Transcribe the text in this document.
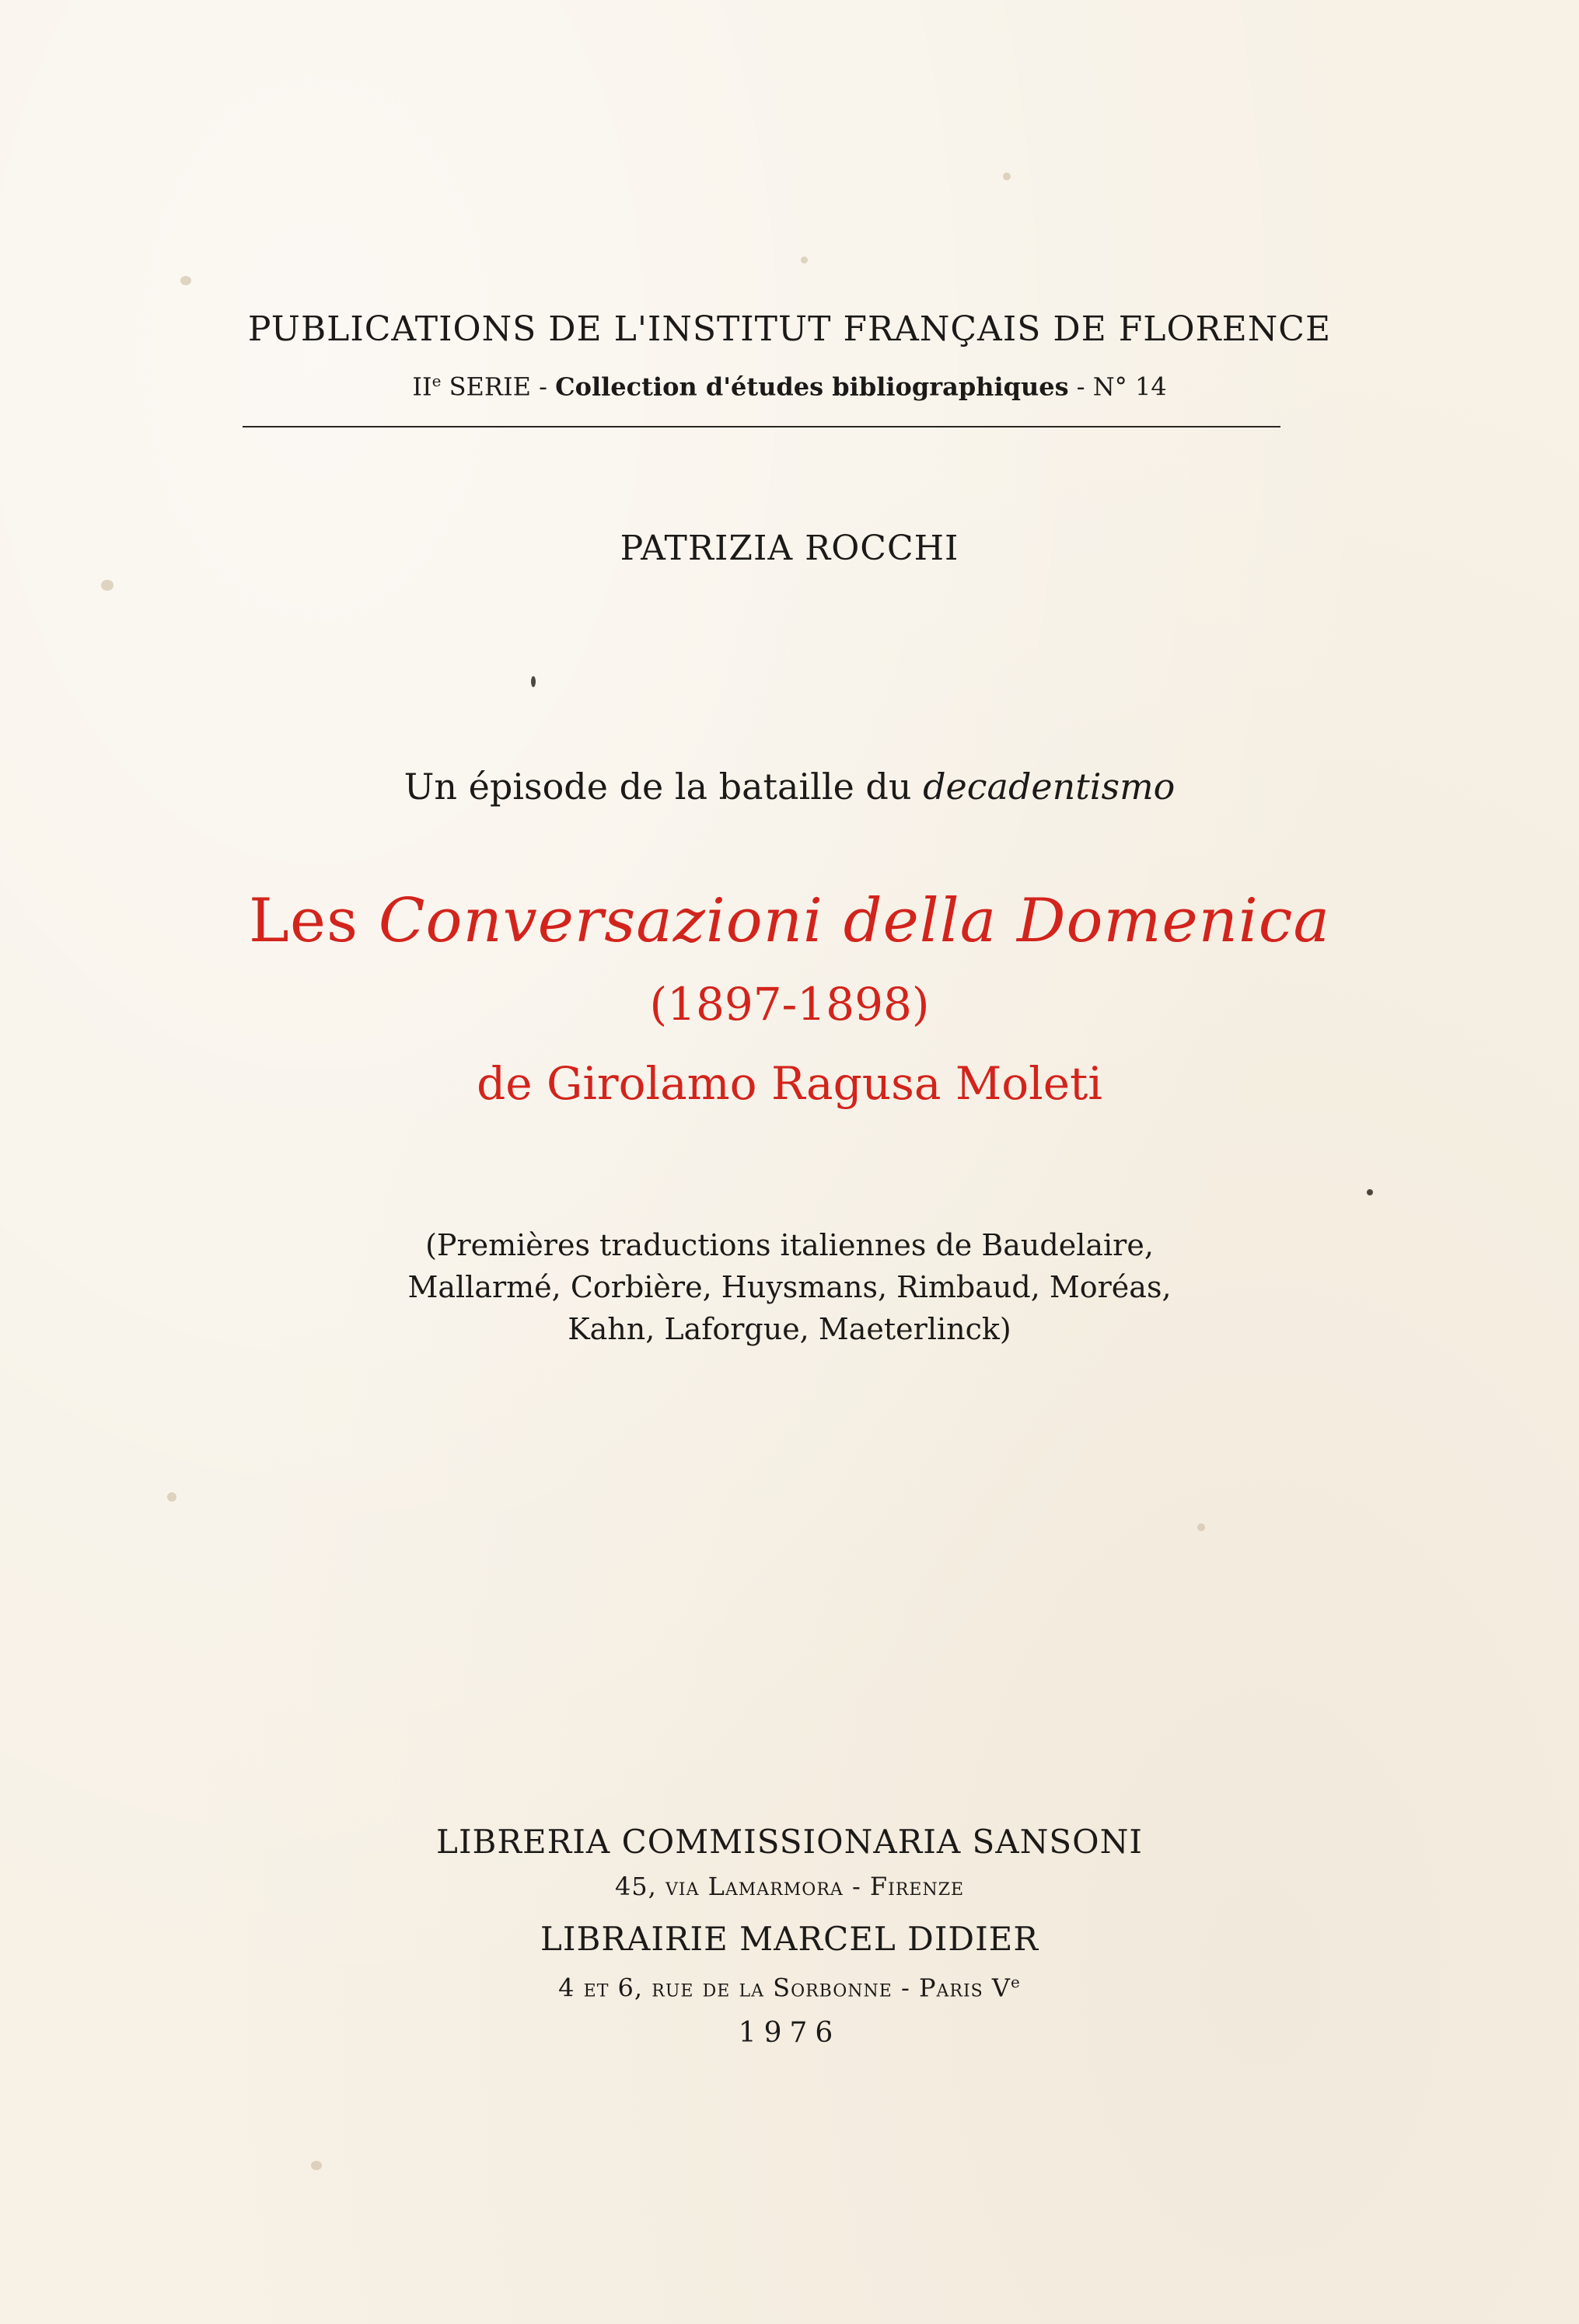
PUBLICATIONS DE L'INSTITUT FRANÇAIS DE FLORENCE
IIe SERIE - Collection d'études bibliographiques - N° 14
PATRIZIA ROCCHI
Un épisode de la bataille du decadentismo
Les Conversazioni della Domenica
(1897-1898)
de Girolamo Ragusa Moleti
(Premières traductions italiennes de Baudelaire,
Mallarmé, Corbière, Huysmans, Rimbaud, Moréas,
Kahn, Laforgue, Maeterlinck)
LIBRERIA COMMISSIONARIA SANSONI
45, via Lamarmora - Firenze
LIBRAIRIE MARCEL DIDIER
4 et 6, rue de la Sorbonne - Paris Ve
1976
